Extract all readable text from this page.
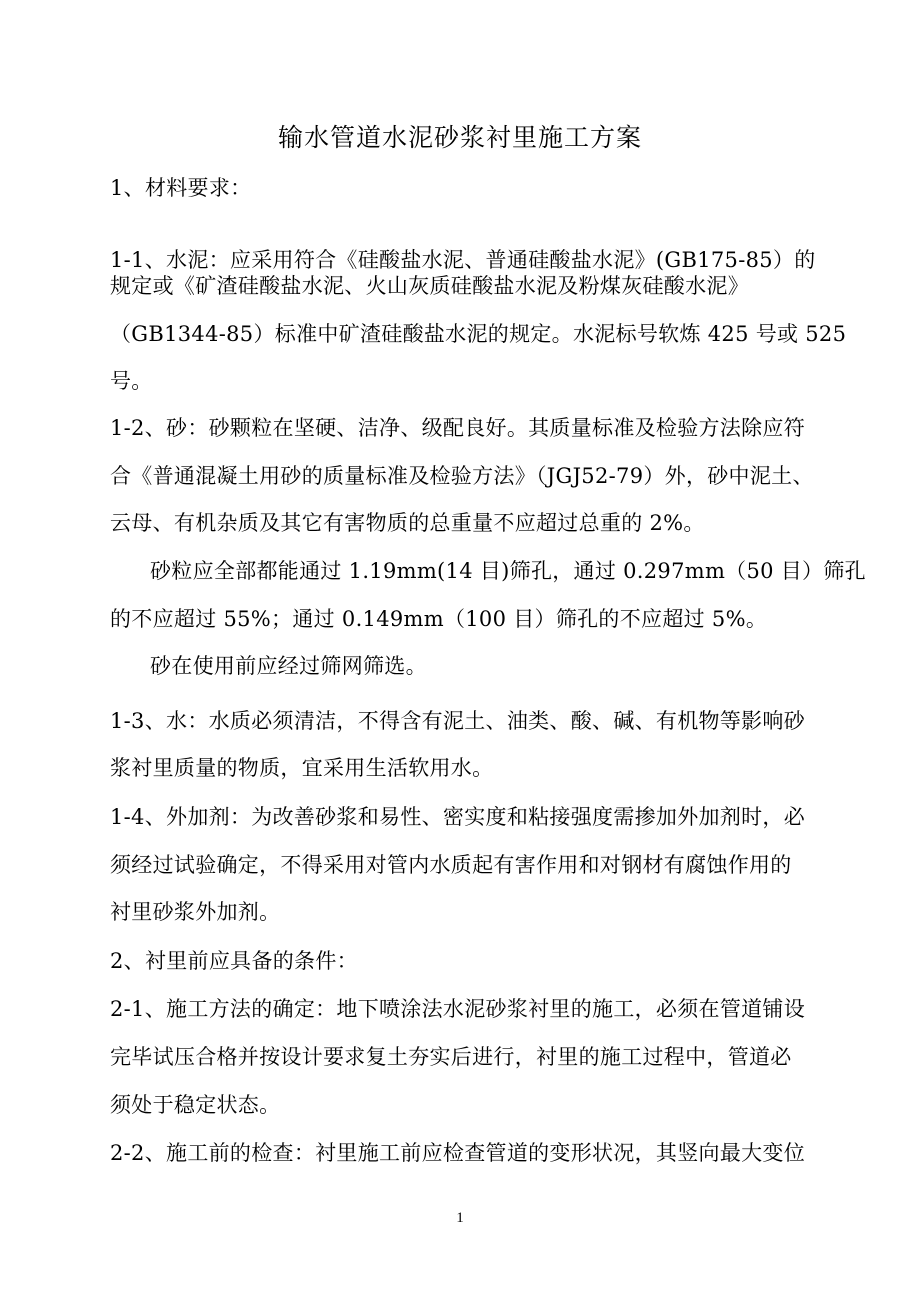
输水管道水泥砂浆衬里施工方案
1、材料要求：
1-1、水泥：应采用符合《硅酸盐水泥、普通硅酸盐水泥》(GB175-85）的
规定或《矿渣硅酸盐水泥、火山灰质硅酸盐水泥及粉煤灰硅酸水泥》
（GB1344-85）标准中矿渣硅酸盐水泥的规定。水泥标号软炼 425 号或 525
号。
1-2、砂：砂颗粒在坚硬、洁净、级配良好。其质量标准及检验方法除应符
合《普通混凝土用砂的质量标准及检验方法》（JGJ52-79）外，砂中泥土、
云母、有机杂质及其它有害物质的总重量不应超过总重的 2%。
砂粒应全部都能通过 1.19mm(14 目)筛孔，通过 0.297mm（50 目）筛孔
的不应超过 55%；通过 0.149mm（100 目）筛孔的不应超过 5%。
砂在使用前应经过筛网筛选。
1-3、水：水质必须清洁，不得含有泥土、油类、酸、碱、有机物等影响砂
浆衬里质量的物质，宜采用生活软用水。
1-4、外加剂：为改善砂浆和易性、密实度和粘接强度需掺加外加剂时，必
须经过试验确定，不得采用对管内水质起有害作用和对钢材有腐蚀作用的
衬里砂浆外加剂。
2、衬里前应具备的条件：
2-1、施工方法的确定：地下喷涂法水泥砂浆衬里的施工，必须在管道铺设
完毕试压合格并按设计要求复土夯实后进行，衬里的施工过程中，管道必
须处于稳定状态。
2-2、施工前的检查：衬里施工前应检查管道的变形状况，其竖向最大变位
1
